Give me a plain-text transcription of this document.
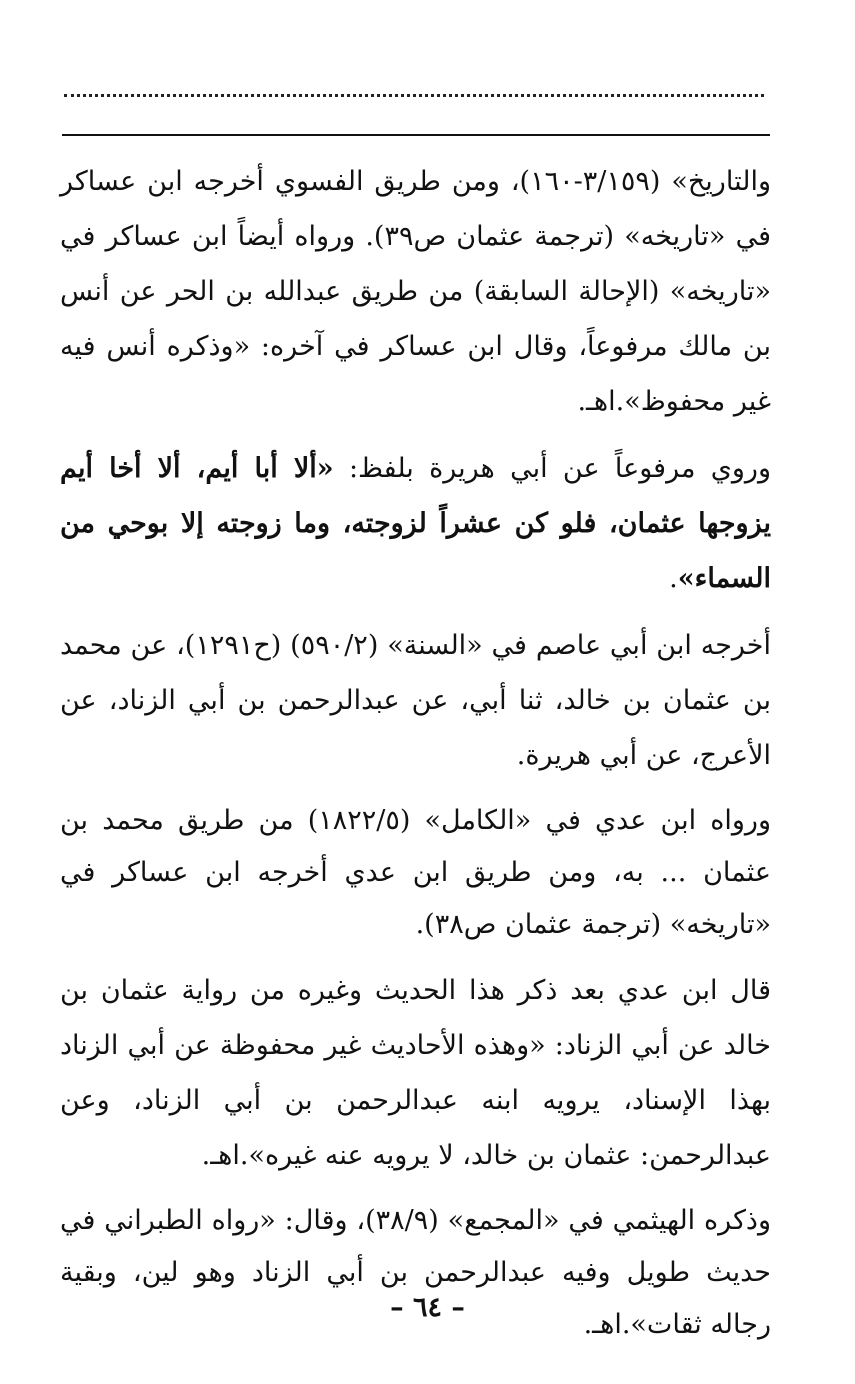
والتاريخ» (٣/١٥٩-١٦٠)، ومن طريق الفسوي أخرجه ابن عساكر في «تاريخه» (ترجمة عثمان ص٣٩). ورواه أيضاً ابن عساكر في «تاريخه» (الإحالة السابقة) من طريق عبدالله بن الحر عن أنس بن مالك مرفوعاً، وقال ابن عساكر في آخره: «وذكره أنس فيه غير محفوظ».اهـ.

وروي مرفوعاً عن أبي هريرة بلفظ: «ألا أبا أيم، ألا أخا أيم يزوجها عثمان، فلو كن عشراً لزوجته، وما زوجته إلا بوحي من السماء».

أخرجه ابن أبي عاصم في «السنة» (٥٩٠/٢) (ح١٢٩١)، عن محمد بن عثمان بن خالد، ثنا أبي، عن عبدالرحمن بن أبي الزناد، عن الأعرج، عن أبي هريرة.

ورواه ابن عدي في «الكامل» (١٨٢٢/٥) من طريق محمد بن عثمان ... به، ومن طريق ابن عدي أخرجه ابن عساكر في «تاريخه» (ترجمة عثمان ص٣٨).

قال ابن عدي بعد ذكر هذا الحديث وغيره من رواية عثمان بن خالد عن أبي الزناد: «وهذه الأحاديث غير محفوظة عن أبي الزناد بهذا الإسناد، يرويه ابنه عبدالرحمن بن أبي الزناد، وعن عبدالرحمن: عثمان بن خالد، لا يرويه عنه غيره».اهـ.

وذكره الهيثمي في «المجمع» (٣٨/٩)، وقال: «رواه الطبراني في حديث طويل وفيه عبدالرحمن بن أبي الزناد وهو لين، وبقية رجاله ثقات».اهـ.

– ٦٤ –
